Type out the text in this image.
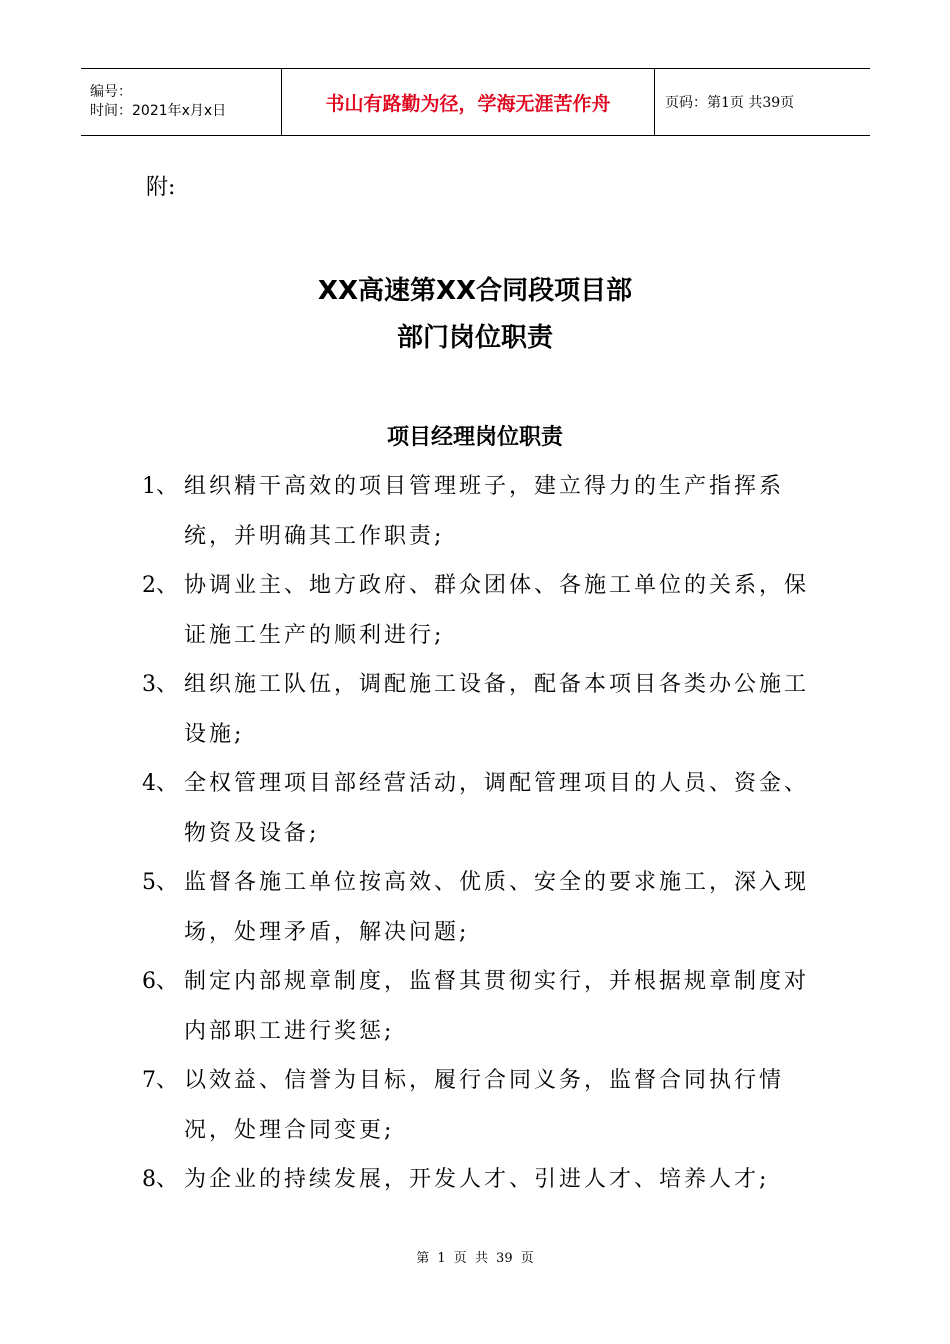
编号：
时间：2021年x月x日	书山有路勤为径，学海无涯苦作舟	页码：第1页 共39页
附:
XX高速第XX合同段项目部
部门岗位职责
项目经理岗位职责
1、 组织精干高效的项目管理班子，建立得力的生产指挥系统，并明确其工作职责;
2、 协调业主、地方政府、群众团体、各施工单位的关系，保证施工生产的顺利进行;
3、 组织施工队伍，调配施工设备，配备本项目各类办公施工设施;
4、 全权管理项目部经营活动，调配管理项目的人员、资金、物资及设备;
5、 监督各施工单位按高效、优质、安全的要求施工，深入现场，处理矛盾，解决问题;
6、 制定内部规章制度，监督其贯彻实行，并根据规章制度对内部职工进行奖惩;
7、 以效益、信誉为目标，履行合同义务，监督合同执行情况，处理合同变更;
8、 为企业的持续发展，开发人才、引进人才、培养人才;
第 1 页 共 39 页
